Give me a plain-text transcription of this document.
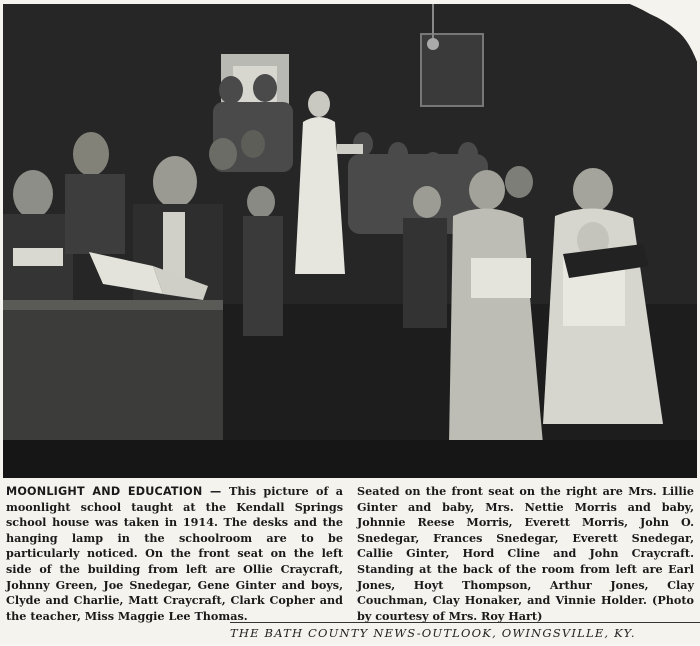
MOONLIGHT AND EDUCATION — This picture of a moonlight school taught at the Kendall Springs school house was taken in 1914. The desks and the hanging lamp in the schoolroom are to be particularly noticed. On the front seat on the left side of the building from left are Ollie Craycraft, Johnny Green, Joe Snedegar, Gene Ginter and boys, Clyde and Charlie, Matt Craycraft, Clark Copher and the teacher, Miss Maggie Lee Thomas.
Seated on the front seat on the right are Mrs. Lillie Ginter and baby, Mrs. Nettie Morris and baby, Johnnie Reese Morris, Everett Morris, John O. Snedegar, Frances Snedegar, Everett Snedegar, Callie Ginter, Hord Cline and John Craycraft. Standing at the back of the room from left are Earl Jones, Hoyt Thompson, Arthur Jones, Clay Couchman, Clay Honaker, and Vinnie Holder. (Photo by courtesy of Mrs. Roy Hart)
THE BATH COUNTY NEWS-OUTLOOK, OWINGSVILLE, KY.
